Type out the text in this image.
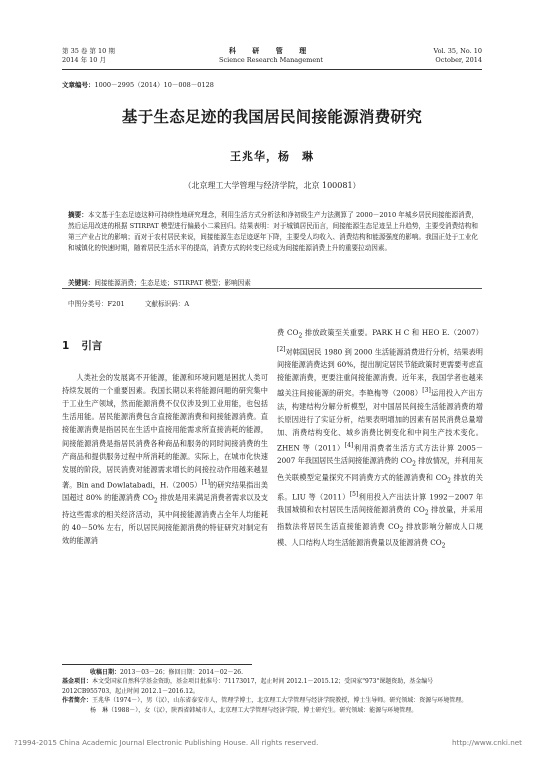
第 35 卷 第 10 期
2014 年 10 月
科 研 管 理
Science Research Management
Vol. 35, No. 10
October, 2014
文章编号：1000－2995（2014）10－008－0128
基于生态足迹的我国居民间接能源消费研究
王兆华，杨　琳
（北京理工大学管理与经济学院，北京 100081）
摘要：本文基于生态足迹这种可持续性地研究理念，利用生活方式分析法和净初级生产力法测算了 2000－2010 年城乡居民间接能源消费，然后运用改进的根据 STIRPAT 模型进行偏最小二乘回归。结果表明：对于城镇居民而言，间接能源生态足迹呈上升趋势，主要受消费结构和第三产业占比的影响；而对于农村居民来说，间接能源生态足迹逐年下降，主要受人均收入、消费结构和能源强度的影响。我国正处于工业化和城镇化的快速时期，随着居民生活水平的提高，消费方式的转变已经成为间接能源消费上升的重要拉动因素。
关键词：间接能源消费；生态足迹；STIRPAT 模型；影响因素
中图分类号：F201	文献标识码：A
1 引言

人类社会的发展离不开能源，能源和环境问题是困扰人类可持续发展的一个重要因素。我国长期以来将能源问题的研究集中于工业生产领域，然而能源消费不仅仅涉及到工业用能，也包括生活用能。居民能源消费包含直接能源消费和间接能源消费。直接能源消费是指居民在生活中直接用能需求所直接消耗的能源，间接能源消费是指居民消费各种商品和服务的同时间接消费的生产商品和提供服务过程中所消耗的能源。实际上，在城市化快速发展的阶段，居民消费对能源需求增长的间接拉动作用越来越显著。Bin and Dowlatabadi，H.（2005）[1]的研究结果指出美国超过 80% 的能源消费 $CO_2$ 排放是用来满足消费者需求以及支持这些需求的相关经济活动，其中间接能源消费占全年人均能耗的 40－50% 左右，所以居民间接能源消费的特征研究对制定有效的能源消

费 $CO_2$ 排放政策至关重要。PARK H C 和 HEO E.（2007）[2]对韩国居民 1980 到 2000 生活能源消费进行分析，结果表明间接能源消费达到 60%，提出制定居民节能政策时更需要考虑直接能源消费，更要注重间接能源消费。近年来，我国学者也越来越关注间接能源的研究。李艳梅等（2008）[3]运用投入产出方法，构建结构分解分析模型，对中国居民间接生活能源消费的增长原因进行了实证分析，结果表明增加的因素有居民消费总量增加、消费结构变化、城乡消费比例变化和中间生产技术变化。ZHEN 等（2011）[4]利用消费者生活方式方法计算 2005－2007 年我国居民生活间接能源消费的 $CO_2$ 排放情况，并利用灰色关联模型定量探究不同消费方式的能源消费和 $CO_2$ 排放的关系。LIU 等（2011）[5]利用投入产出法计算 1992－2007 年我国城镇和农村居民生活间接能源消费的 $CO_2$ 排放量，并采用指数法将居民生活直接能源消费 $CO_2$ 排放影响分解成人口规模、人口结构人均生活能源消费量以及能源消费 $CO_2$

收稿日期：2013－03－26；修回日期：2014－02－26.
基金项目：本文受国家自然科学基金资助，基金项目批准号：71173017，起止时间 2012.1－2015.12；受国家"973"课题资助，基金编号 2012CB955703，起止时间 2012.1－2016.12。
作者简介：王兆华（1974－），男（汉），山东省泰安市人，管理学博士，北京理工大学管理与经济学院教授，博士生导师。研究领域：资源与环境管理。
杨　琳（1988－），女（汉），陕西省韩城市人，北京理工大学管理与经济学院，博士研究生。研究领域：能源与环境管理。
?1994-2015 China Academic Journal Electronic Publishing House. All rights reserved.	http://www.cnki.net
